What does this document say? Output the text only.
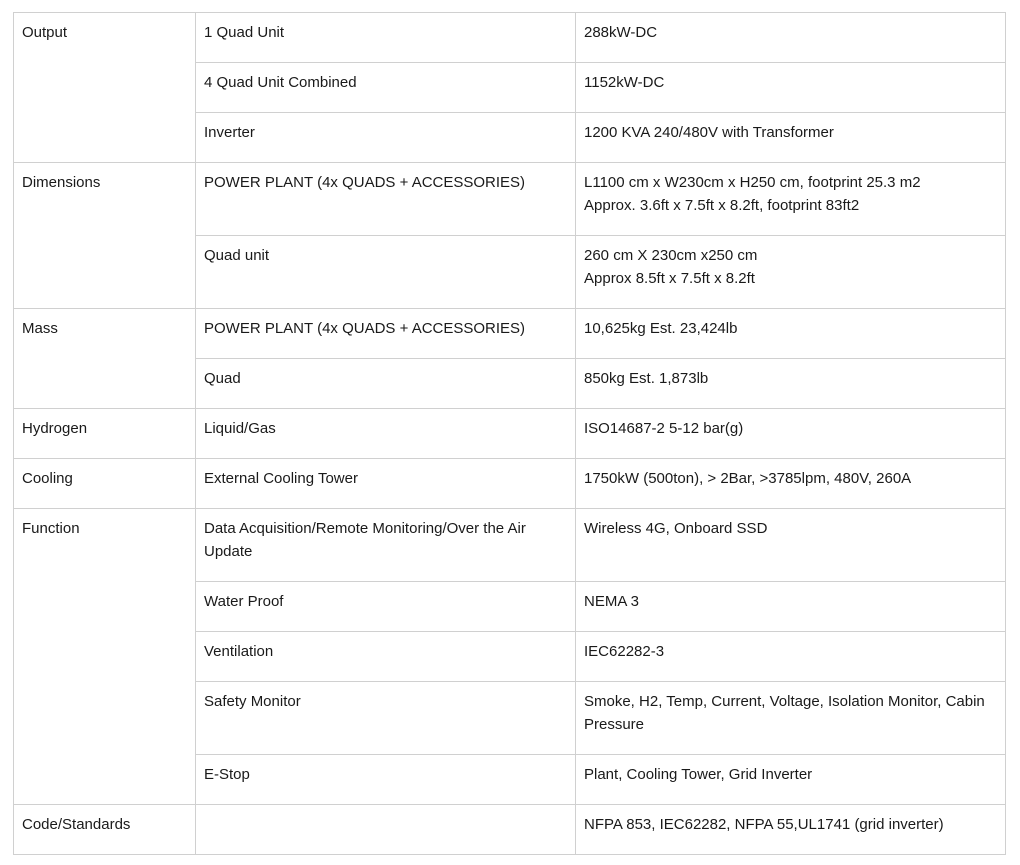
Output	1 Quad Unit	288kW-DC

	4 Quad Unit Combined	1152kW-DC

	Inverter	1200 KVA 240/480V with Transformer

Dimensions	POWER PLANT (4x QUADS + ACCESSORIES)	L1100 cm x W230cm x H250 cm, footprint 25.3 m2
Approx. 3.6ft x 7.5ft x 8.2ft, footprint 83ft2

	Quad unit	260 cm X 230cm x250 cm
Approx 8.5ft x 7.5ft x 8.2ft

Mass	POWER PLANT (4x QUADS + ACCESSORIES)	10,625kg Est. 23,424lb

	Quad	850kg Est. 1,873lb

Hydrogen	Liquid/Gas	ISO14687-2 5-12 bar(g)

Cooling	External Cooling Tower	1750kW (500ton), > 2Bar, >3785lpm, 480V, 260A

Function	Data Acquisition/Remote Monitoring/Over the Air Update	Wireless 4G, Onboard SSD

	Water Proof	NEMA 3

	Ventilation	IEC62282-3

	Safety Monitor	Smoke, H2, Temp, Current, Voltage, Isolation Monitor, Cabin Pressure

	E-Stop	Plant, Cooling Tower, Grid Inverter

Code/Standards		NFPA 853, IEC62282, NFPA 55,UL1741 (grid inverter)
